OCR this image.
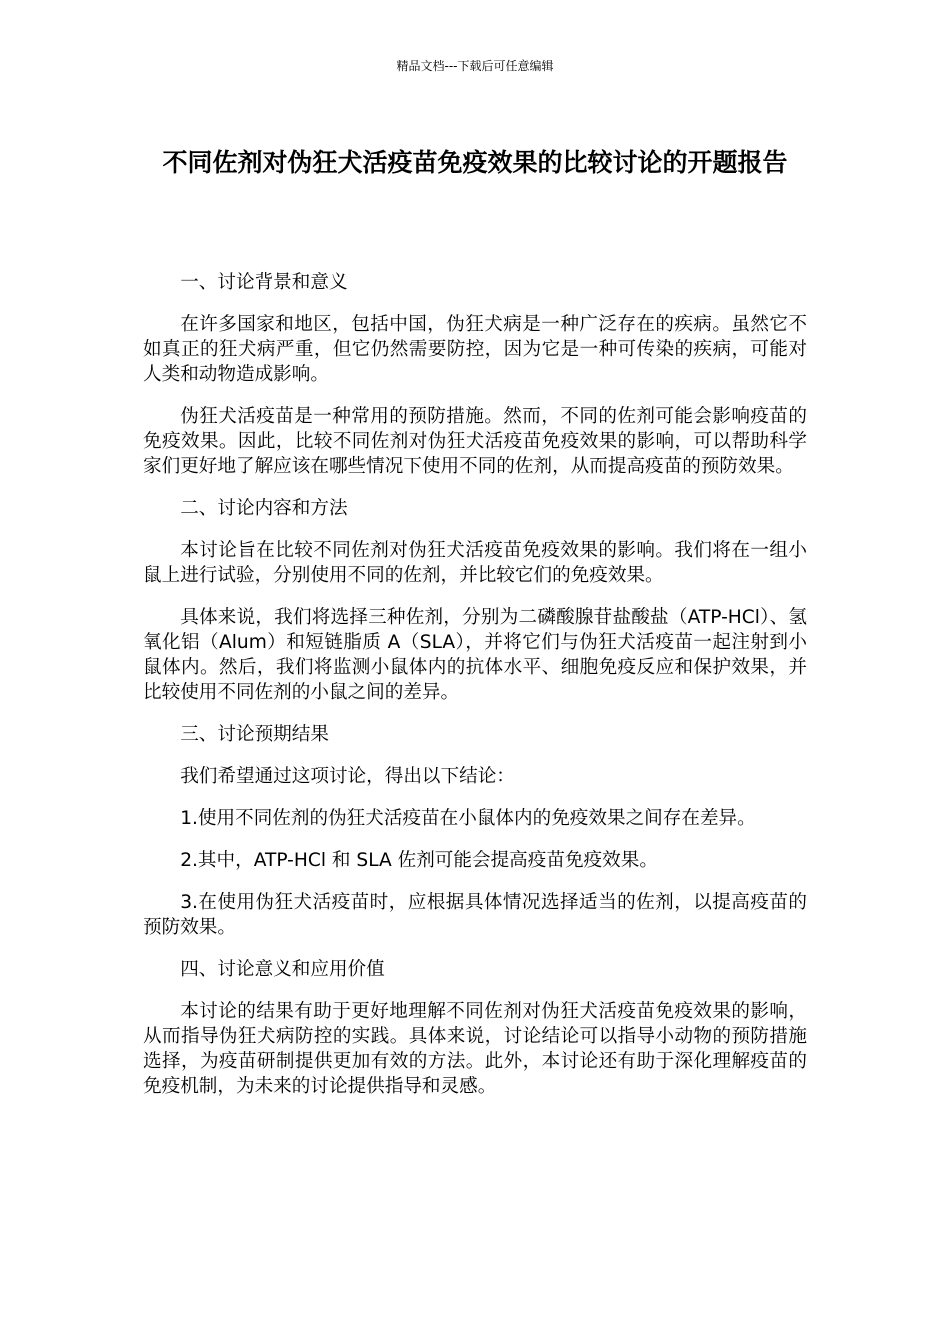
精品文档---下载后可任意编辑
不同佐剂对伪狂犬活疫苗免疫效果的比较讨论的开题报告

一、讨论背景和意义

在许多国家和地区，包括中国，伪狂犬病是一种广泛存在的疾病。虽然它不如真正的狂犬病严重，但它仍然需要防控，因为它是一种可传染的疾病，可能对人类和动物造成影响。

伪狂犬活疫苗是一种常用的预防措施。然而，不同的佐剂可能会影响疫苗的免疫效果。因此，比较不同佐剂对伪狂犬活疫苗免疫效果的影响，可以帮助科学家们更好地了解应该在哪些情况下使用不同的佐剂，从而提高疫苗的预防效果。

二、讨论内容和方法

本讨论旨在比较不同佐剂对伪狂犬活疫苗免疫效果的影响。我们将在一组小鼠上进行试验，分别使用不同的佐剂，并比较它们的免疫效果。

具体来说，我们将选择三种佐剂，分别为二磷酸腺苷盐酸盐（ATP-HCl）、氢氧化铝（Alum）和短链脂质 A（SLA），并将它们与伪狂犬活疫苗一起注射到小鼠体内。然后，我们将监测小鼠体内的抗体水平、细胞免疫反应和保护效果，并比较使用不同佐剂的小鼠之间的差异。

三、讨论预期结果

我们希望通过这项讨论，得出以下结论：

1.使用不同佐剂的伪狂犬活疫苗在小鼠体内的免疫效果之间存在差异。

2.其中，ATP-HCl 和 SLA 佐剂可能会提高疫苗免疫效果。

3.在使用伪狂犬活疫苗时，应根据具体情况选择适当的佐剂，以提高疫苗的预防效果。

四、讨论意义和应用价值

本讨论的结果有助于更好地理解不同佐剂对伪狂犬活疫苗免疫效果的影响，从而指导伪狂犬病防控的实践。具体来说，讨论结论可以指导小动物的预防措施选择，为疫苗研制提供更加有效的方法。此外，本讨论还有助于深化理解疫苗的免疫机制，为未来的讨论提供指导和灵感。
